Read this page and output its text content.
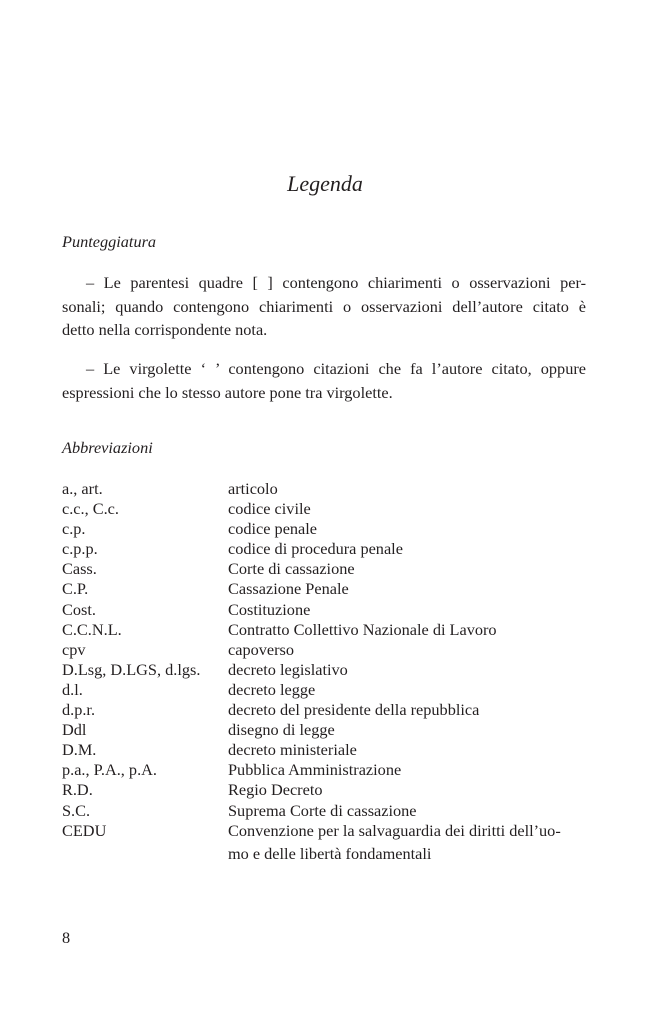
Legenda
Punteggiatura
– Le parentesi quadre [ ] contengono chiarimenti o osservazioni per-
sonali; quando contengono chiarimenti o osservazioni dell’autore citato è
detto nella corrispondente nota.
– Le virgolette ‘ ’ contengono citazioni che fa l’autore citato, oppure
espressioni che lo stesso autore pone tra virgolette.
Abbreviazioni
a., art.	articolo
c.c., C.c.	codice civile
c.p.	codice penale
c.p.p.	codice di procedura penale
Cass.	Corte di cassazione
C.P.	Cassazione Penale
Cost.	Costituzione
C.C.N.L.	Contratto Collettivo Nazionale di Lavoro
cpv	capoverso
D.Lsg, D.LGS, d.lgs.	decreto legislativo
d.l.	decreto legge
d.p.r.	decreto del presidente della repubblica
Ddl	disegno di legge
D.M.	decreto ministeriale
p.a., P.A., p.A.	Pubblica Amministrazione
R.D.	Regio Decreto
S.C.	Suprema Corte di cassazione
CEDU	Convenzione per la salvaguardia dei diritti dell’uo-
mo e delle libertà fondamentali
8
